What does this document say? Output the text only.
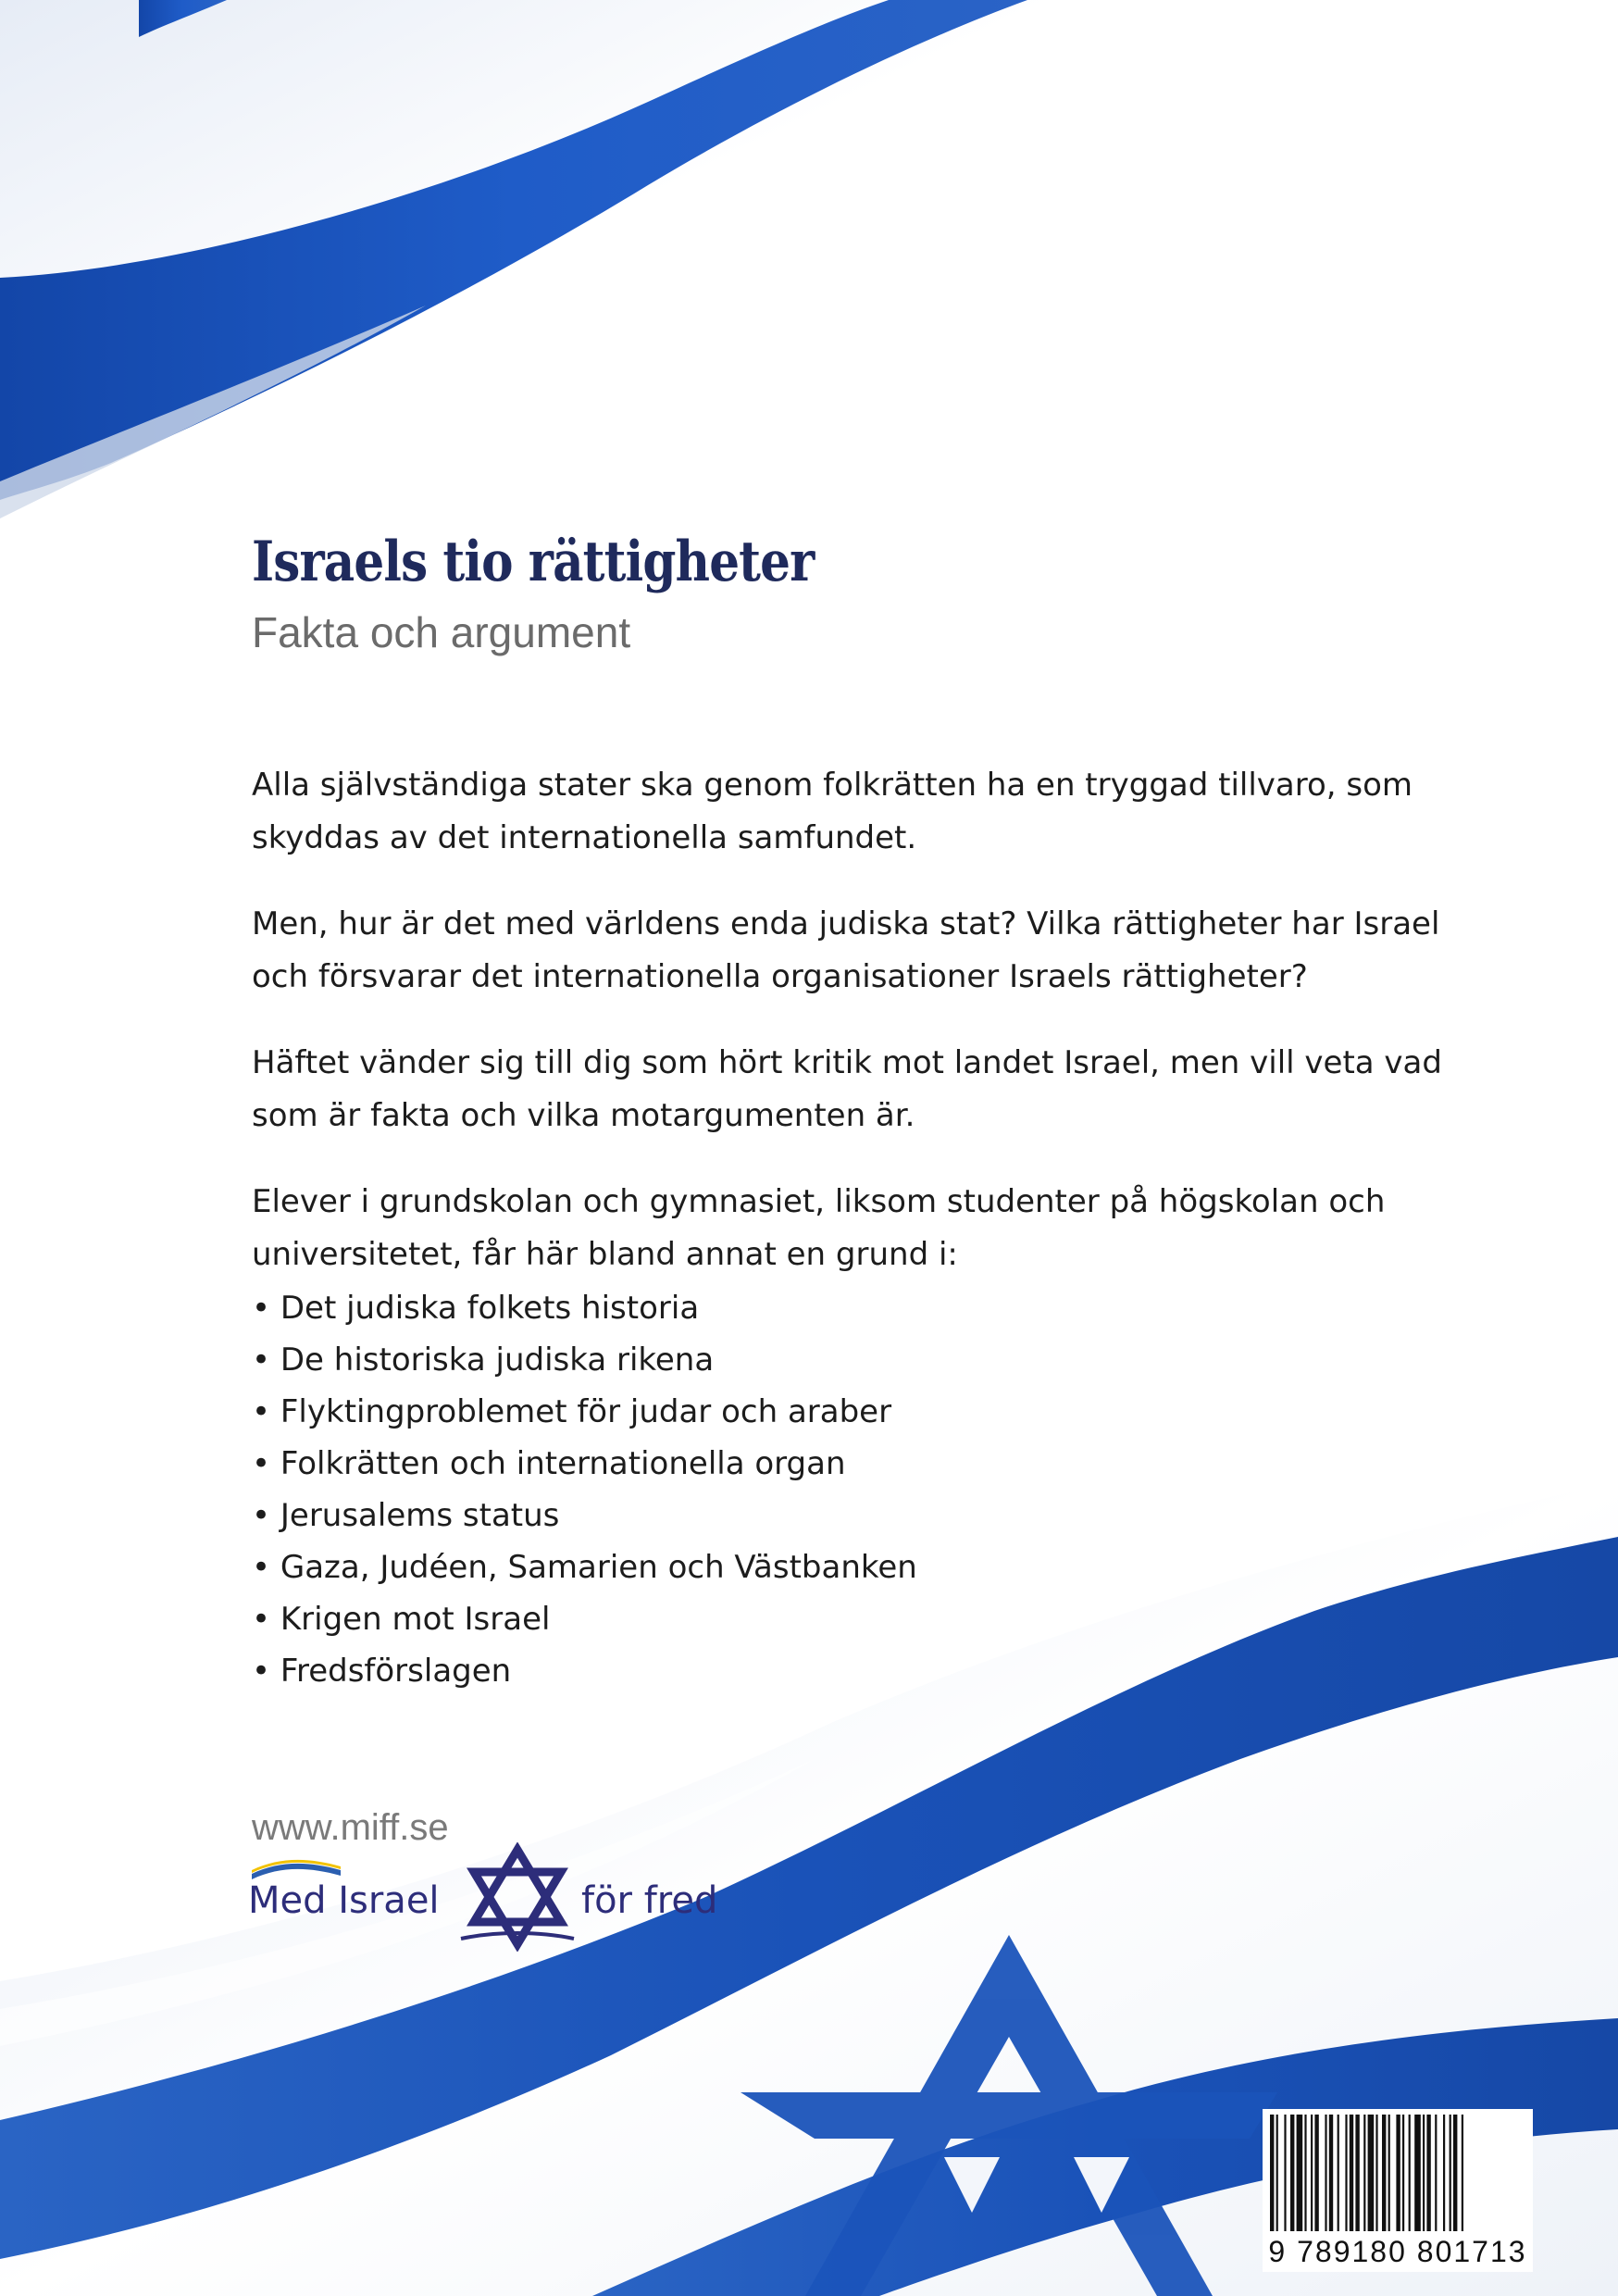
Israels tio rättigheter
Fakta och argument

Alla självständiga stater ska genom folkrätten ha en tryggad tillvaro, som skyddas av det internationella samfundet.

Men, hur är det med världens enda judiska stat? Vilka rättigheter har Israel och försvarar det internationella organisationer Israels rättigheter?

Häftet vänder sig till dig som hört kritik mot landet Israel, men vill veta vad som är fakta och vilka motargumenten är.

Elever i grundskolan och gymnasiet, liksom studenter på högskolan och universitetet, får här bland annat en grund i:

• Det judiska folkets historia
• De historiska judiska rikena
• Flyktingproblemet för judar och araber
• Folkrätten och internationella organ
• Jerusalems status
• Gaza, Judéen, Samarien och Västbanken
• Krigen mot Israel
• Fredsförslagen
www.miff.se
Med Israel	för fred
9 789180 801713
